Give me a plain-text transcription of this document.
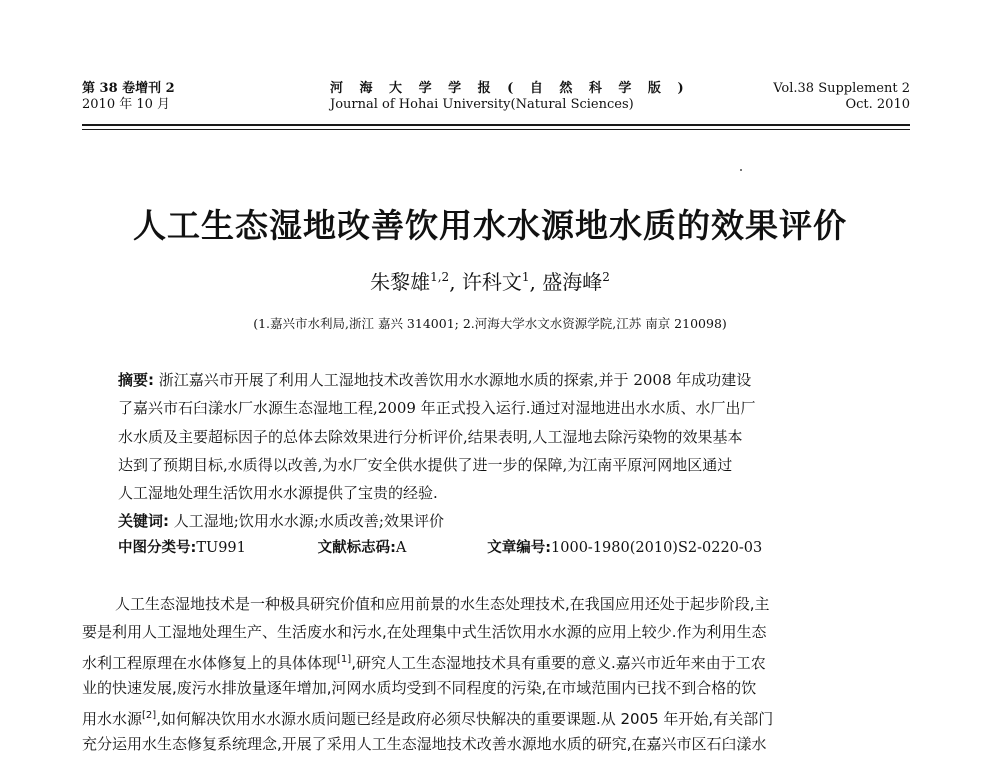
第 38 卷增刊 2
2010 年 10 月
河 海 大 学 学 报 ( 自 然 科 学 版 )
Journal of Hohai University(Natural Sciences)
Vol.38 Supplement 2
Oct. 2010
人工生态湿地改善饮用水水源地水质的效果评价
朱黎雄$^{1,2}$, 许科文$^1$, 盛海峰$^2$
(1.嘉兴市水利局,浙江 嘉兴 314001; 2.河海大学水文水资源学院,江苏 南京 210098)
摘要: 浙江嘉兴市开展了利用人工湿地技术改善饮用水水源地水质的探索,并于 2008 年成功建设
了嘉兴市石臼漾水厂水源生态湿地工程,2009 年正式投入运行.通过对湿地进出水水质、水厂出厂
水水质及主要超标因子的总体去除效果进行分析评价,结果表明,人工湿地去除污染物的效果基本
达到了预期目标,水质得以改善,为水厂安全供水提供了进一步的保障,为江南平原河网地区通过
人工湿地处理生活饮用水水源提供了宝贵的经验.
关键词: 人工湿地;饮用水水源;水质改善;效果评价
中图分类号:TU991	文献标志码:A	文章编号:1000-1980(2010)S2-0220-03
人工生态湿地技术是一种极具研究价值和应用前景的水生态处理技术,在我国应用还处于起步阶段,主
要是利用人工湿地处理生产、生活废水和污水,在处理集中式生活饮用水水源的应用上较少.作为利用生态
水利工程原理在水体修复上的具体体现[1],研究人工生态湿地技术具有重要的意义.嘉兴市近年来由于工农
业的快速发展,废污水排放量逐年增加,河网水质均受到不同程度的污染,在市域范围内已找不到合格的饮
用水水源[2],如何解决饮用水水源水质问题已经是政府必须尽快解决的重要课题.从 2005 年开始,有关部门
充分运用水生态修复系统理念,开展了采用人工生态湿地技术改善水源地水质的研究,在嘉兴市区石臼漾水
